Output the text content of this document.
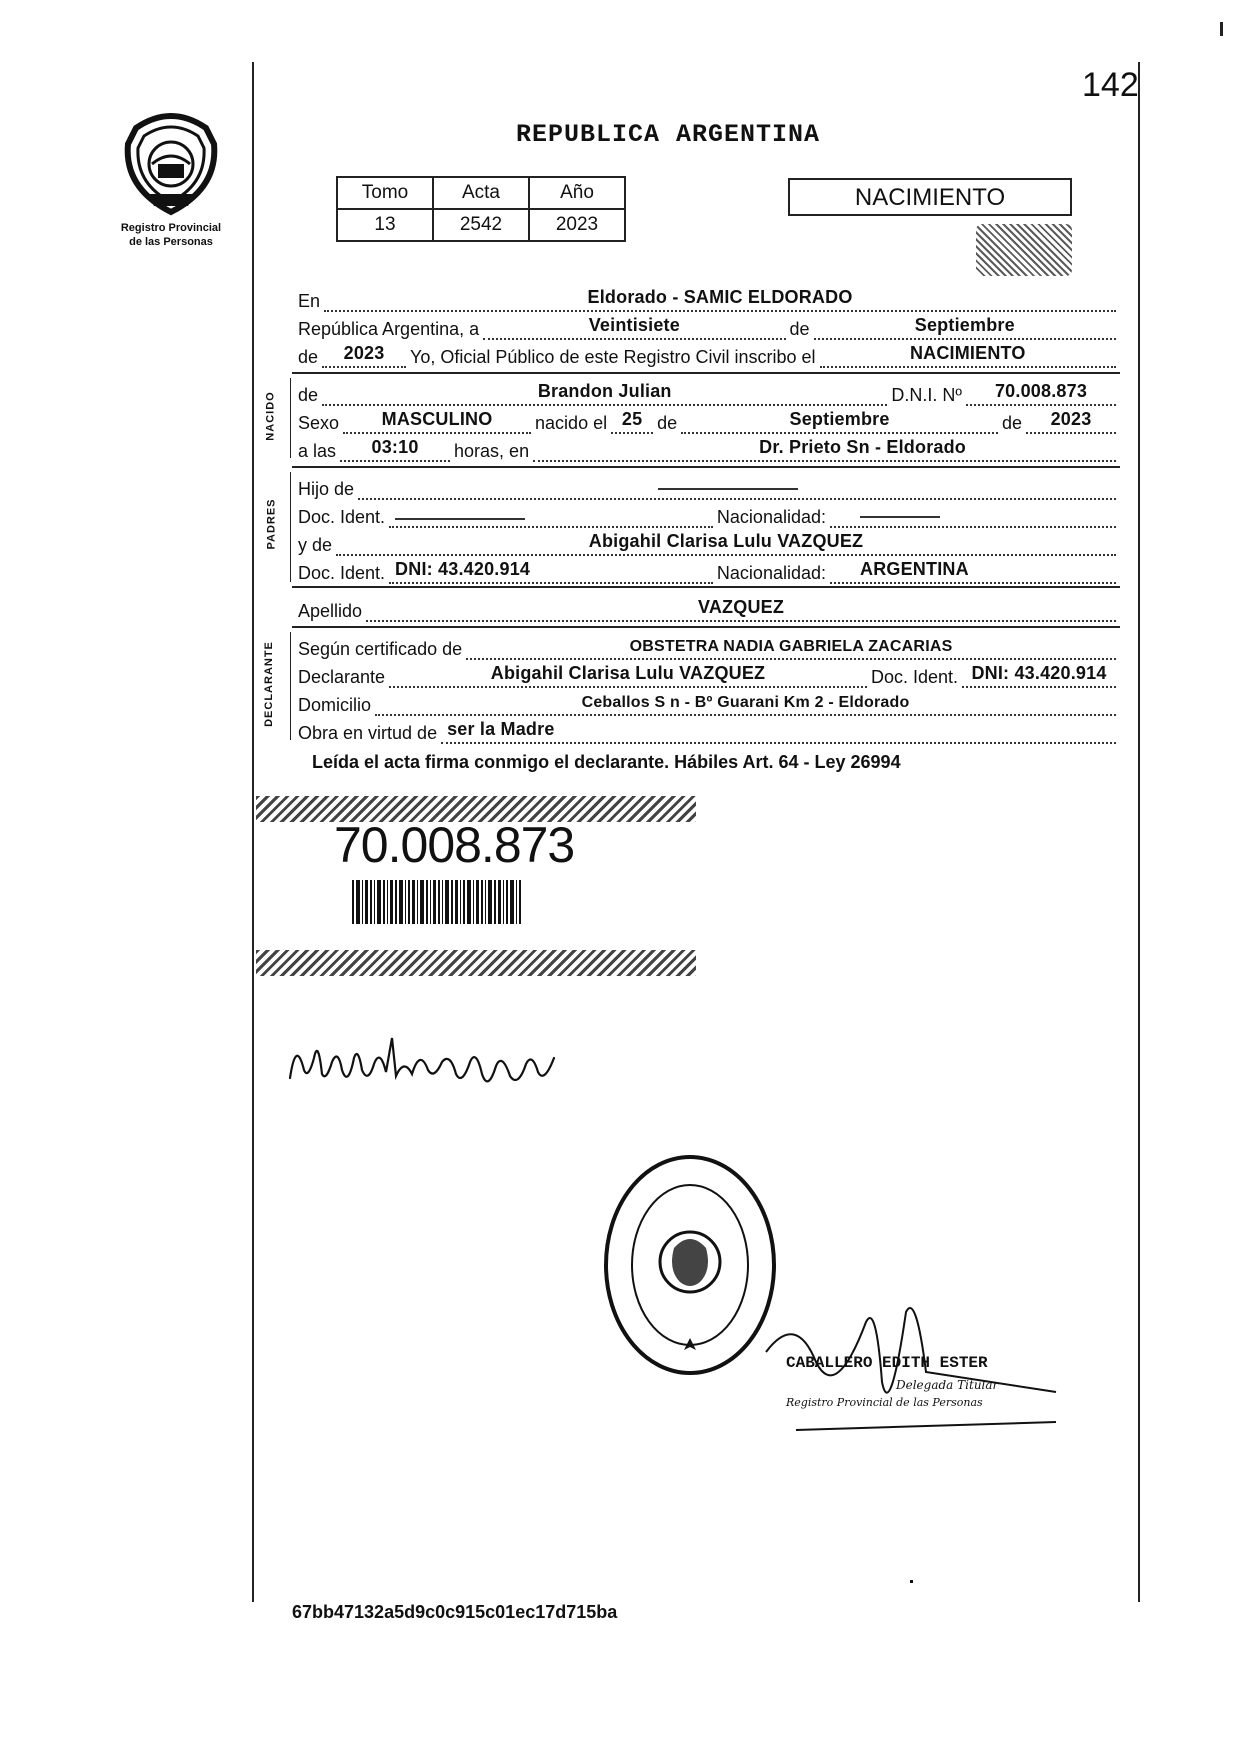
142
Registro Provincial
de las Personas
REPUBLICA ARGENTINA
Tomo	Acta	Año
13	2542	2023
NACIMIENTO
En	Eldorado - SAMIC ELDORADO
República Argentina, a	Veintisiete	de	Septiembre
de	2023	Yo, Oficial Público de este Registro Civil inscribo el	NACIMIENTO
NACIDO de	Brandon Julian	D.N.I. Nº	70.008.873
Sexo	MASCULINO	nacido el 25 de	Septiembre	de	2023
a las	03:10	horas, en	Dr. Prieto Sn - Eldorado
PADRES
Hijo de
Doc. Ident.	Nacionalidad:
y de	Abigahil Clarisa Lulu VAZQUEZ
Doc. Ident. DNI: 43.420.914	Nacionalidad: ARGENTINA
Apellido	VAZQUEZ
DECLARANTE Según certificado de	OBSTETRA NADIA GABRIELA ZACARIAS
Declarante	Abigahil Clarisa Lulu VAZQUEZ	Doc. Ident. DNI: 43.420.914
Domicilio	Ceballos S n - Bº Guarani Km 2 - Eldorado
Obra en virtud de ser la Madre
Leída el acta firma conmigo el declarante. Hábiles Art. 64 - Ley 26994
70.008.873
CABALLERO EDITH ESTER
Delegada Titular
Registro Provincial de las Personas
67bb47132a5d9c0c915c01ec17d715ba
